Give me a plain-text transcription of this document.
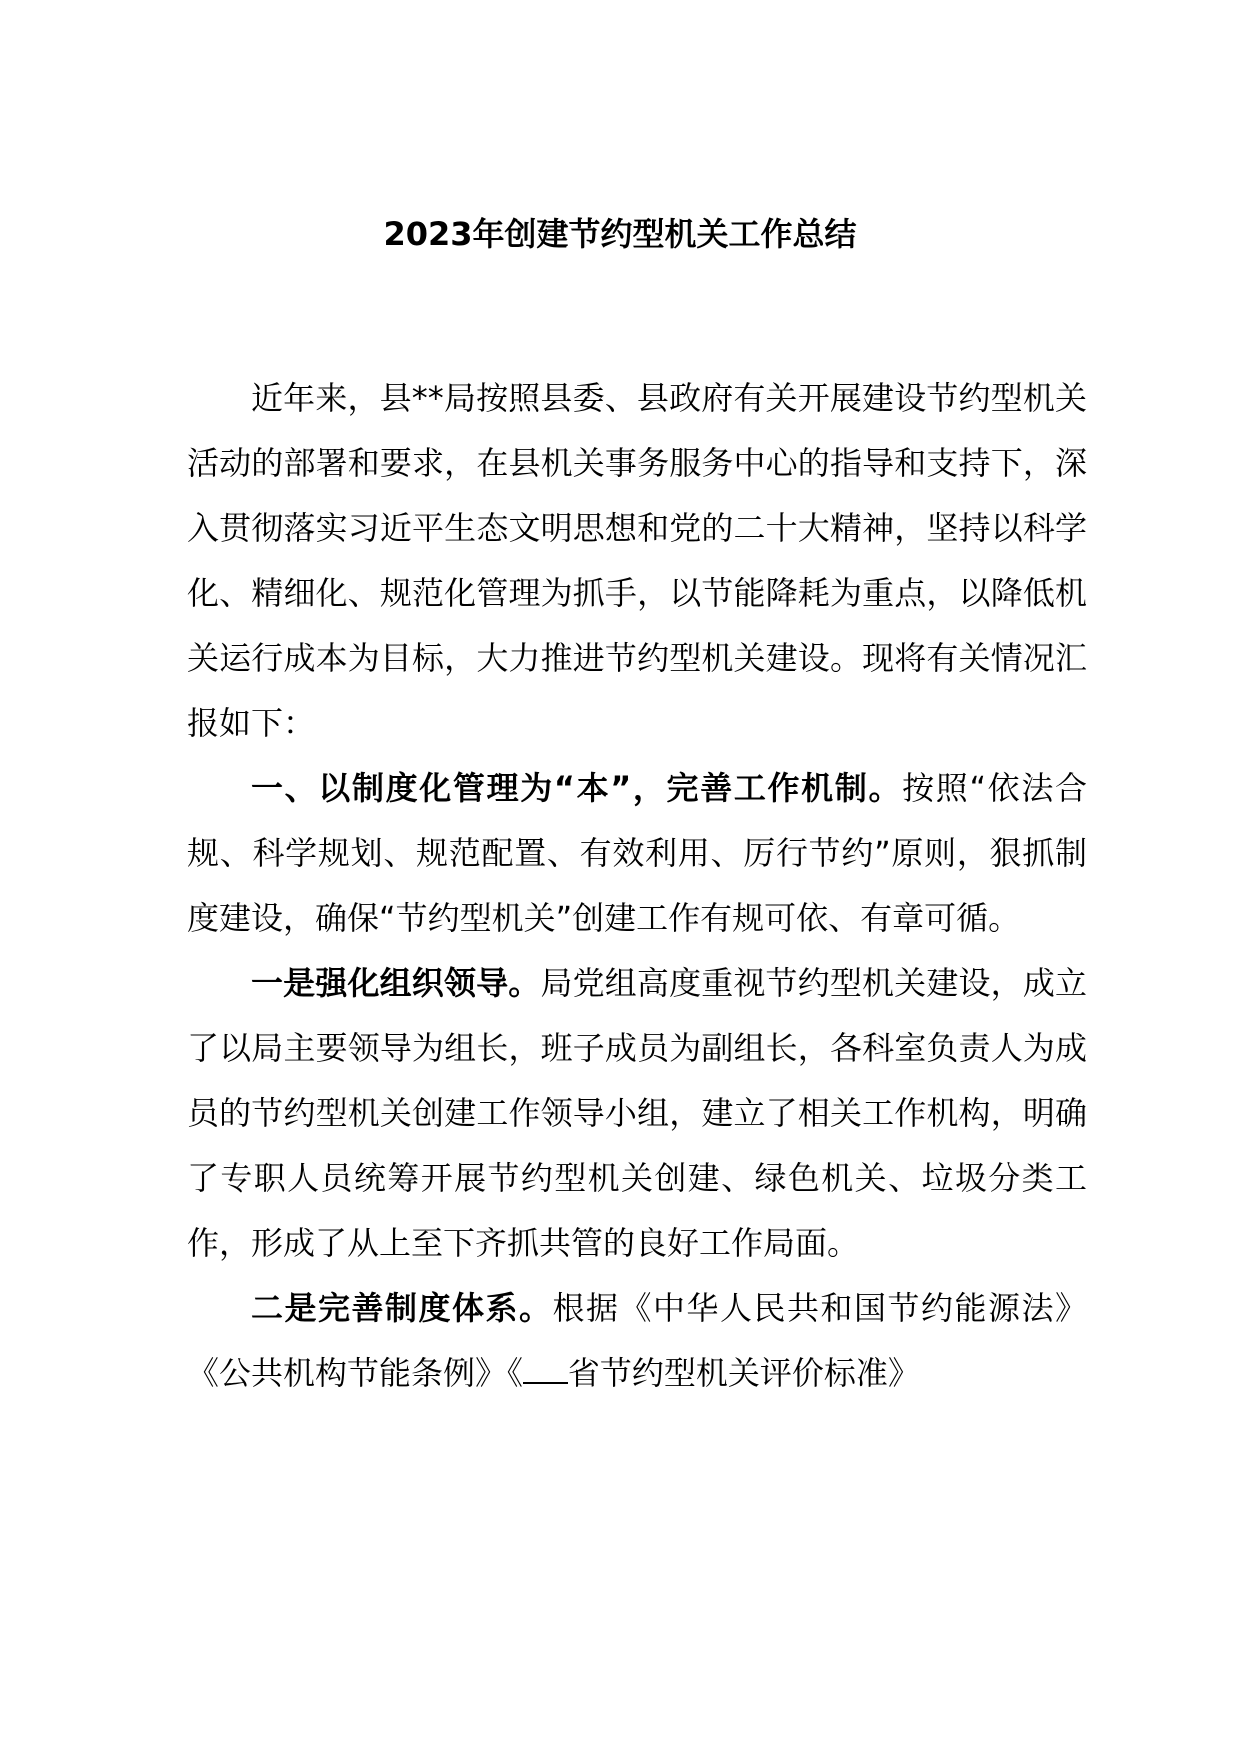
2023年创建节约型机关工作总结

近年来，县**局按照县委、县政府有关开展建设节约型机关活动的部署和要求，在县机关事务服务中心的指导和支持下，深入贯彻落实习近平生态文明思想和党的二十大精神，坚持以科学化、精细化、规范化管理为抓手，以节能降耗为重点，以降低机关运行成本为目标，大力推进节约型机关建设。现将有关情况汇报如下：

一、以制度化管理为“本”，完善工作机制。按照“依法合规、科学规划、规范配置、有效利用、厉行节约”原则，狠抓制度建设，确保“节约型机关”创建工作有规可依、有章可循。

一是强化组织领导。局党组高度重视节约型机关建设，成立了以局主要领导为组长，班子成员为副组长，各科室负责人为成员的节约型机关创建工作领导小组，建立了相关工作机构，明确了专职人员统筹开展节约型机关创建、绿色机关、垃圾分类工作，形成了从上至下齐抓共管的良好工作局面。

二是完善制度体系。根据《中华人民共和国节约能源法》《公共机构节能条例》《 省节约型机关评价标准》
